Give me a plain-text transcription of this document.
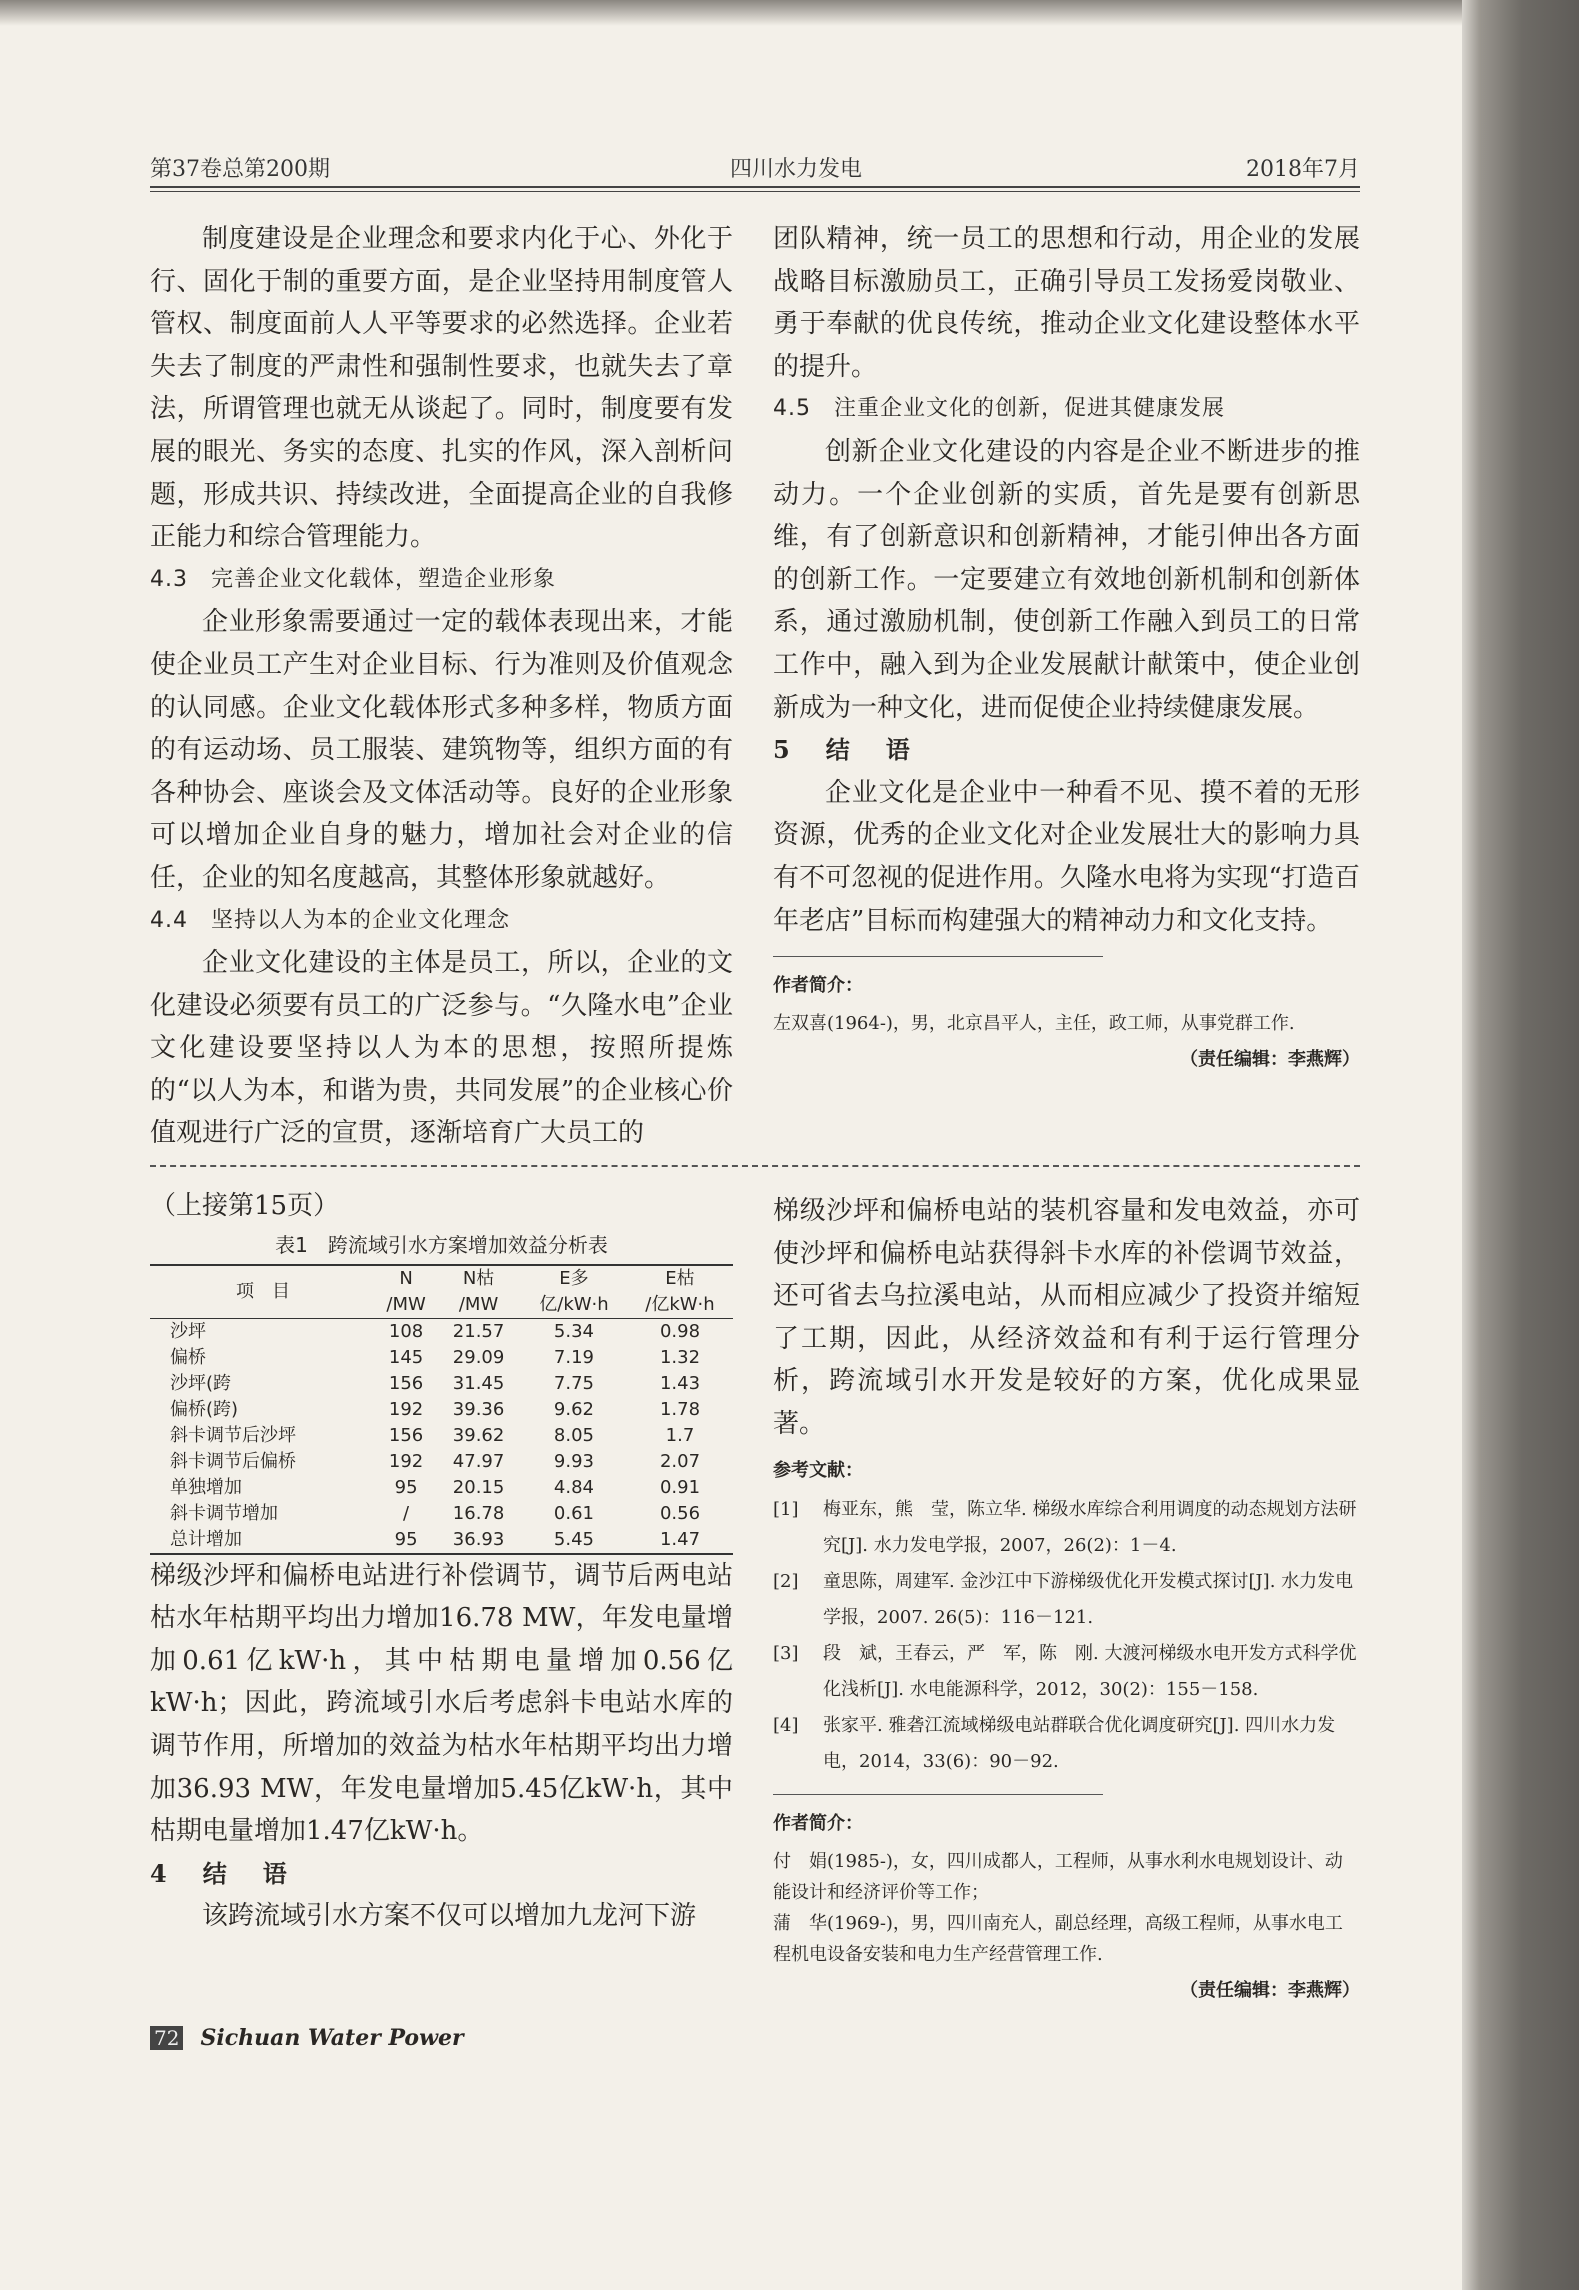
第37卷总第200期	四川水力发电	2018年7月

制度建设是企业理念和要求内化于心、外化于行、固化于制的重要方面，是企业坚持用制度管人管权、制度面前人人平等要求的必然选择。企业若失去了制度的严肃性和强制性要求，也就失去了章法，所谓管理也就无从谈起了。同时，制度要有发展的眼光、务实的态度、扎实的作风，深入剖析问题，形成共识、持续改进，全面提高企业的自我修正能力和综合管理能力。

4.3　完善企业文化载体，塑造企业形象

企业形象需要通过一定的载体表现出来，才能使企业员工产生对企业目标、行为准则及价值观念的认同感。企业文化载体形式多种多样，物质方面的有运动场、员工服装、建筑物等，组织方面的有各种协会、座谈会及文体活动等。良好的企业形象可以增加企业自身的魅力，增加社会对企业的信任，企业的知名度越高，其整体形象就越好。

4.4　坚持以人为本的企业文化理念

企业文化建设的主体是员工，所以，企业的文化建设必须要有员工的广泛参与。“久隆水电”企业文化建设要坚持以人为本的思想，按照所提炼的“以人为本，和谐为贵，共同发展”的企业核心价值观进行广泛的宣贯，逐渐培育广大员工的

团队精神，统一员工的思想和行动，用企业的发展战略目标激励员工，正确引导员工发扬爱岗敬业、勇于奉献的优良传统，推动企业文化建设整体水平的提升。

4.5　注重企业文化的创新，促进其健康发展

创新企业文化建设的内容是企业不断进步的推动力。一个企业创新的实质，首先是要有创新思维，有了创新意识和创新精神，才能引伸出各方面的创新工作。一定要建立有效地创新机制和创新体系，通过激励机制，使创新工作融入到员工的日常工作中，融入到为企业发展献计献策中，使企业创新成为一种文化，进而促使企业持续健康发展。

5　结　语

企业文化是企业中一种看不见、摸不着的无形资源，优秀的企业文化对企业发展壮大的影响力具有不可忽视的促进作用。久隆水电将为实现“打造百年老店”目标而构建强大的精神动力和文化支持。

作者简介：
左双喜(1964-)，男，北京昌平人，主任，政工师，从事党群工作.
（责任编辑：李燕辉）

（上接第15页）

表1　跨流域引水方案增加效益分析表
项　目	N	N枯	E多	E枯
	/MW	/MW	亿/kW·h	/亿kW·h
沙坪	108	21.57	5.34	0.98
偏桥	145	29.09	7.19	1.32
沙坪(跨	156	31.45	7.75	1.43
偏桥(跨)	192	39.36	9.62	1.78
斜卡调节后沙坪	156	39.62	8.05	1.7
斜卡调节后偏桥	192	47.97	9.93	2.07
单独增加	95	20.15	4.84	0.91
斜卡调节增加	/	16.78	0.61	0.56
总计增加	95	36.93	5.45	1.47

梯级沙坪和偏桥电站进行补偿调节，调节后两电站枯水年枯期平均出力增加16.78 MW，年发电量增加0.61亿kW·h，其中枯期电量增加0.56亿kW·h；因此，跨流域引水后考虑斜卡电站水库的调节作用，所增加的效益为枯水年枯期平均出力增加36.93 MW，年发电量增加5.45亿kW·h，其中枯期电量增加1.47亿kW·h。

4　结　语

该跨流域引水方案不仅可以增加九龙河下游

梯级沙坪和偏桥电站的装机容量和发电效益，亦可使沙坪和偏桥电站获得斜卡水库的补偿调节效益，还可省去乌拉溪电站，从而相应减少了投资并缩短了工期，因此，从经济效益和有利于运行管理分析，跨流域引水开发是较好的方案，优化成果显著。

参考文献：
[1]	梅亚东，熊　莹，陈立华. 梯级水库综合利用调度的动态规划方法研究[J]. 水力发电学报，2007，26(2)：1－4.
[2]	童思陈，周建军. 金沙江中下游梯级优化开发模式探讨[J]. 水力发电学报，2007. 26(5)：116－121.
[3]	段　斌，王春云，严　军，陈　刚. 大渡河梯级水电开发方式科学优化浅析[J]. 水电能源科学，2012，30(2)：155－158.
[4]	张家平. 雅砻江流域梯级电站群联合优化调度研究[J]. 四川水力发电，2014，33(6)：90－92.
作者简介：
付　娟(1985-)，女，四川成都人，工程师，从事水利水电规划设计、动能设计和经济评价等工作；
蒲　华(1969-)，男，四川南充人，副总经理，高级工程师，从事水电工程机电设备安装和电力生产经营管理工作.
（责任编辑：李燕辉）
72 Sichuan Water Power
